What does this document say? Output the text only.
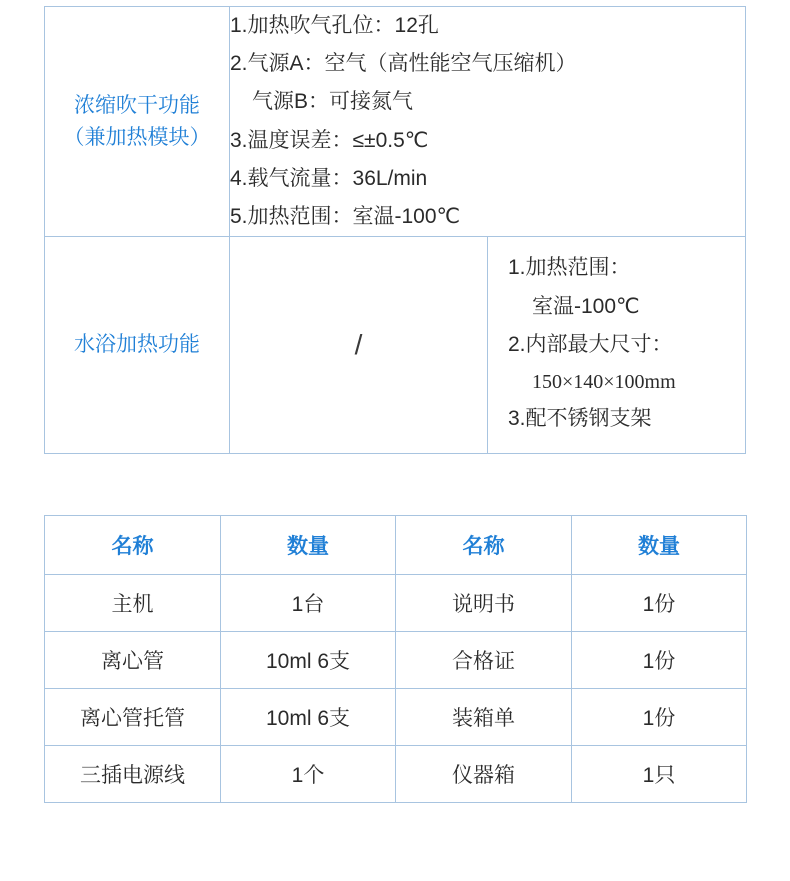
浓缩吹干功能
（兼加热模块）

1.加热吹气孔位：12孔
2.气源A：空气（高性能空气压缩机）
气源B：可接氮气
3.温度误差：≤±0.5℃
4.载气流量：36L/min
5.加热范围：室温-100℃

水浴加热功能	/	1.加热范围：
室温-100℃
2.内部最大尺寸：
150×140×100mm
3.配不锈钢支架
名称	数量	名称	数量
主机	1台	说明书	1份
离心管	10ml 6支	合格证	1份
离心管托管	10ml 6支	装箱单	1份
三插电源线	1个	仪器箱	1只
